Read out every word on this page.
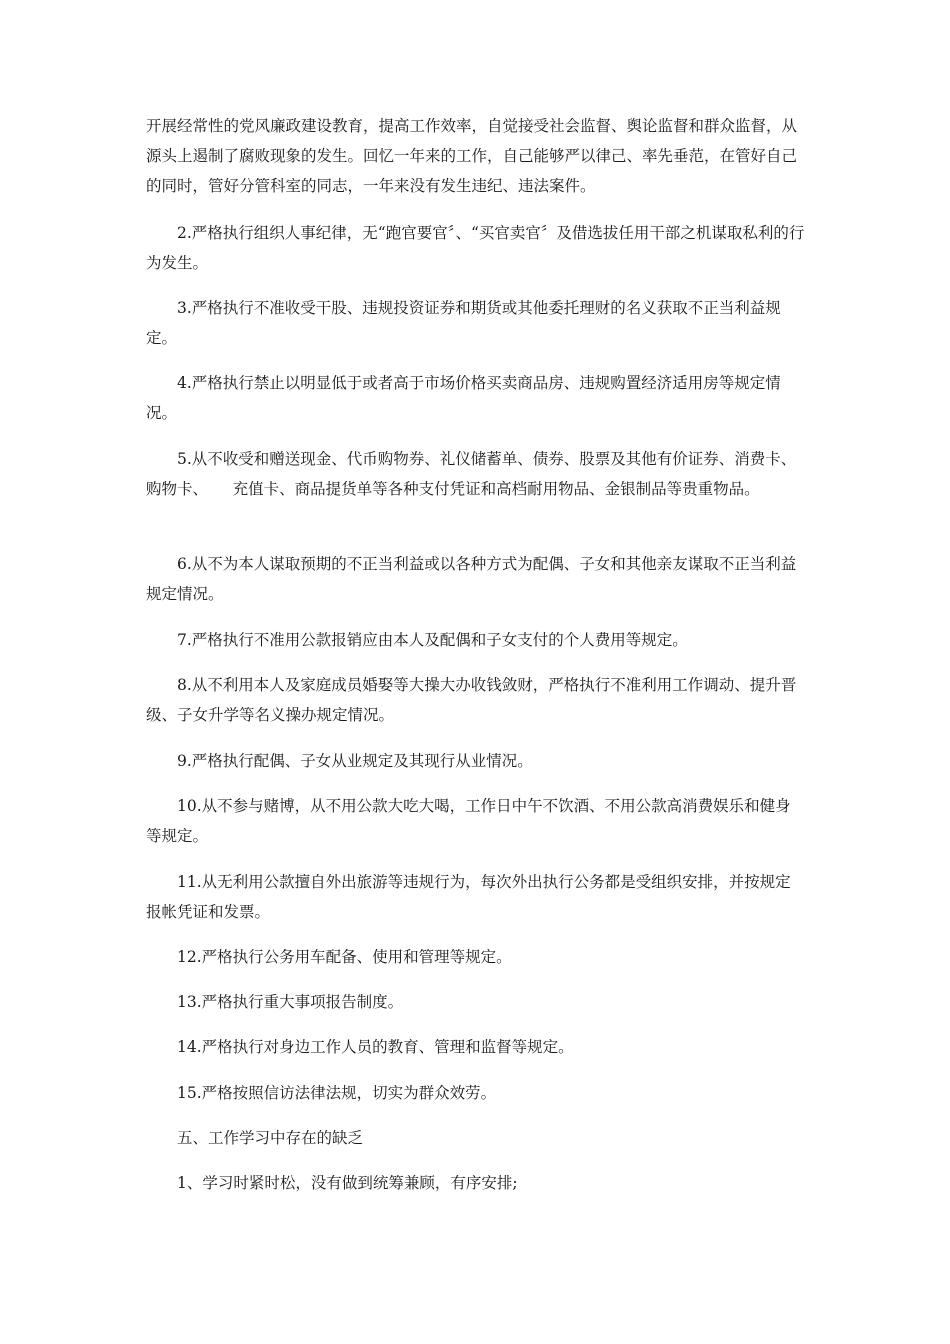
开展经常性的党风廉政建设教育，提高工作效率，自觉接受社会监督、舆论监督和群众监督，从源头上遏制了腐败现象的发生。回忆一年来的工作，自己能够严以律己、率先垂范，在管好自己的同时，管好分管科室的同志，一年来没有发生违纪、违法案件。

2.严格执行组织人事纪律，无“跑官要官〞、“买官卖官〞及借选拔任用干部之机谋取私利的行为发生。

3.严格执行不准收受干股、违规投资证券和期货或其他委托理财的名义获取不正当利益规定。

4.严格执行禁止以明显低于或者高于市场价格买卖商品房、违规购置经济适用房等规定情况。

5.从不收受和赠送现金、代币购物券、礼仪储蓄单、债券、股票及其他有价证券、消费卡、购物卡、     充值卡、商品提货单等各种支付凭证和高档耐用物品、金银制品等贵重物品。

6.从不为本人谋取预期的不正当利益或以各种方式为配偶、子女和其他亲友谋取不正当利益规定情况。

7.严格执行不准用公款报销应由本人及配偶和子女支付的个人费用等规定。

8.从不利用本人及家庭成员婚娶等大操大办收钱敛财，严格执行不准利用工作调动、提升晋级、子女升学等名义操办规定情况。

9.严格执行配偶、子女从业规定及其现行从业情况。

10.从不参与赌博，从不用公款大吃大喝，工作日中午不饮酒、不用公款高消费娱乐和健身等规定。

11.从无利用公款擅自外出旅游等违规行为，每次外出执行公务都是受组织安排，并按规定报帐凭证和发票。

12.严格执行公务用车配备、使用和管理等规定。

13.严格执行重大事项报告制度。

14.严格执行对身边工作人员的教育、管理和监督等规定。

15.严格按照信访法律法规，切实为群众效劳。

五、工作学习中存在的缺乏

1、学习时紧时松，没有做到统筹兼顾，有序安排;
